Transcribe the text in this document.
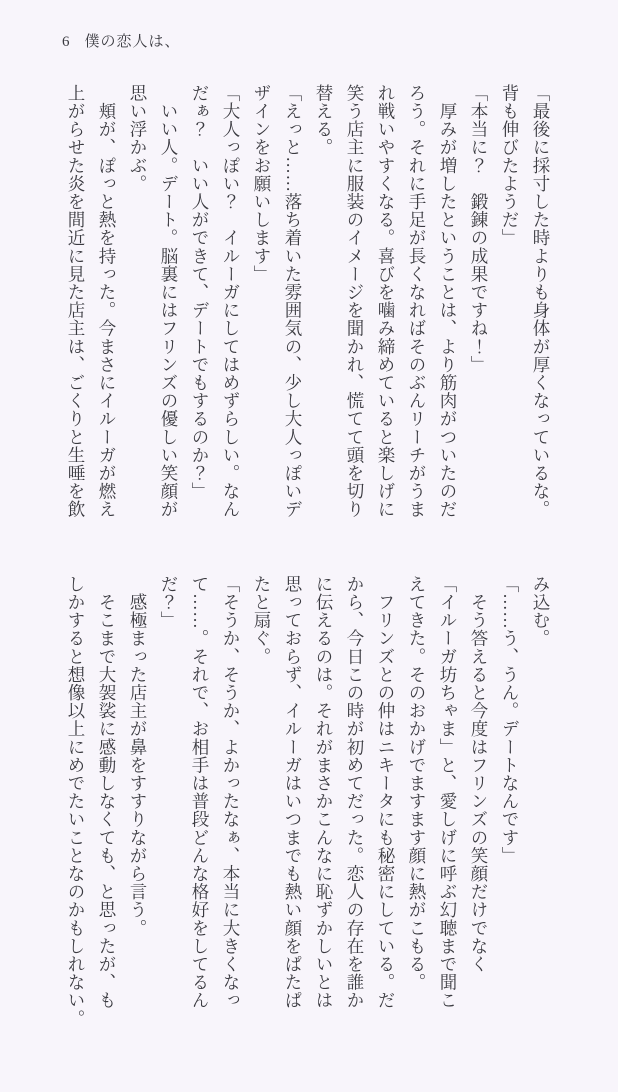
6 僕の恋人は、
「最後に採寸した時よりも身体が厚くなっているな。
背も伸びたようだ」
「本当に？　鍛錬の成果ですね！」
　厚みが増したということは、より筋肉がついたのだ
ろう。それに手足が長くなればそのぶんリーチがうま
れ戦いやすくなる。喜びを噛み締めていると楽しげに
笑う店主に服装のイメージを聞かれ、慌てて頭を切り
替える。
「えっと……落ち着いた雰囲気の、少し大人っぽいデ
ザインをお願いします」
「大人っぽい？　イルーガにしてはめずらしい。なん
だぁ？　いい人ができて、デートでもするのか？」
　いい人。デート。脳裏にはフリンズの優しい笑顔が
思い浮かぶ。
　頬が、ぽっと熱を持った。今まさにイルーガが燃え
上がらせた炎を間近に見た店主は、ごくりと生唾を飲
み込む。
「……う、うん。デートなんです」
　そう答えると今度はフリンズの笑顔だけでなく
「イルーガ坊ちゃま」と、愛しげに呼ぶ幻聴まで聞こ
えてきた。そのおかげでますます顔に熱がこもる。
　フリンズとの仲はニキータにも秘密にしている。だ
から、今日この時が初めてだった。恋人の存在を誰か
に伝えるのは。それがまさかこんなに恥ずかしいとは
思っておらず、イルーガはいつまでも熱い顔をぱたぱ
たと扇ぐ。
「そうか、そうか、よかったなぁ、本当に大きくなっ
て……。それで、お相手は普段どんな格好をしてるん
だ？」
　感極まった店主が鼻をすすりながら言う。
　そこまで大袈裟に感動しなくても、と思ったが、も
しかすると想像以上にめでたいことなのかもしれない。
